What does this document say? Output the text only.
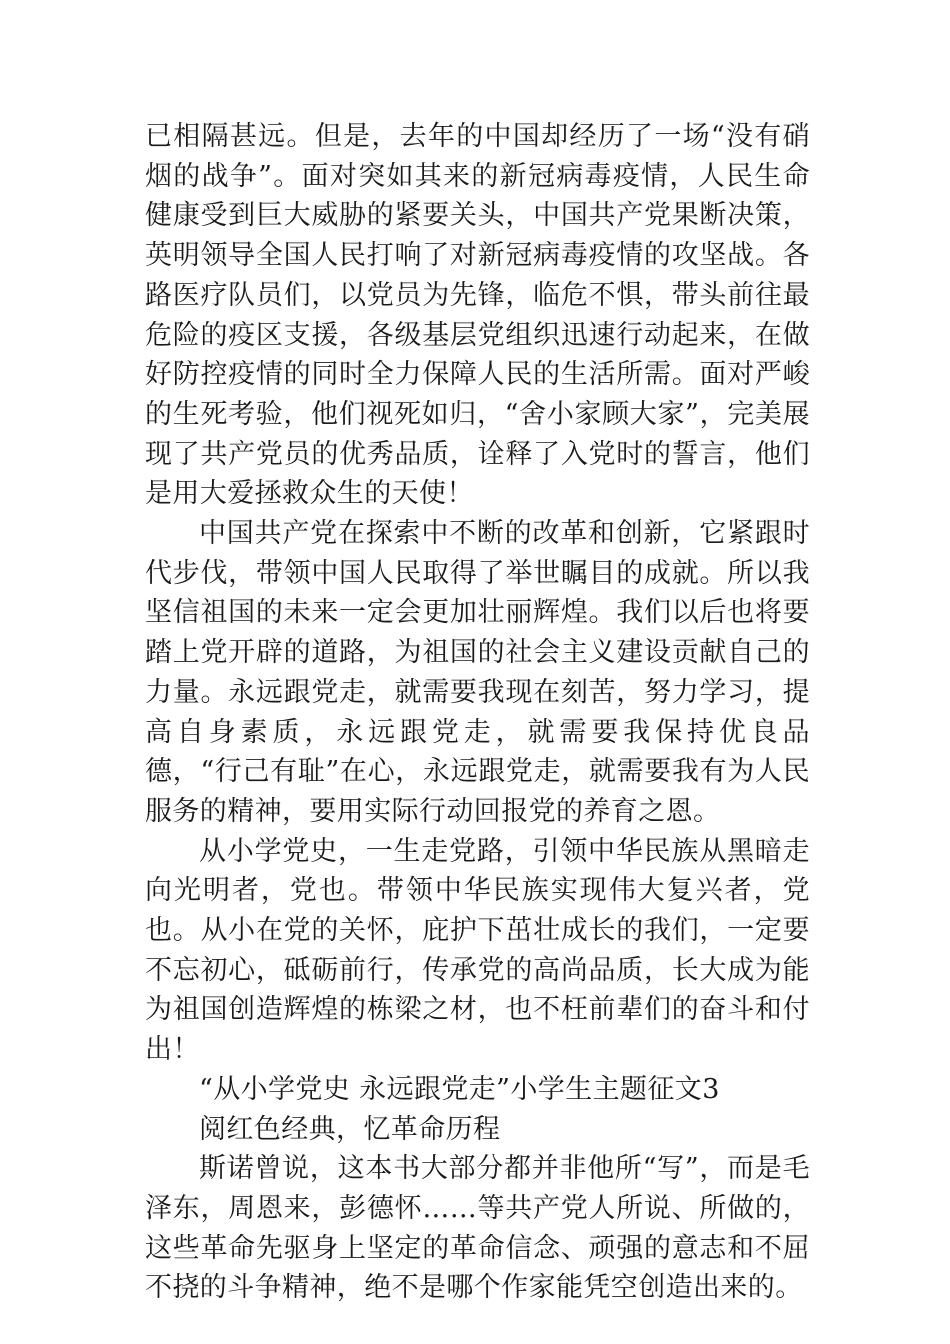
已相隔甚远。但是，去年的中国却经历了一场“没有硝烟的战争”。面对突如其来的新冠病毒疫情，人民生命健康受到巨大威胁的紧要关头，中国共产党果断决策，英明领导全国人民打响了对新冠病毒疫情的攻坚战。各路医疗队员们，以党员为先锋，临危不惧，带头前往最危险的疫区支援，各级基层党组织迅速行动起来，在做好防控疫情的同时全力保障人民的生活所需。面对严峻的生死考验，他们视死如归，“舍小家顾大家”，完美展现了共产党员的优秀品质，诠释了入党时的誓言，他们是用大爱拯救众生的天使！

中国共产党在探索中不断的改革和创新，它紧跟时代步伐，带领中国人民取得了举世瞩目的成就。所以我坚信祖国的未来一定会更加壮丽辉煌。我们以后也将要踏上党开辟的道路，为祖国的社会主义建设贡献自己的力量。永远跟党走，就需要我现在刻苦，努力学习，提高自身素质，永远跟党走，就需要我保持优良品德，“行己有耻”在心，永远跟党走，就需要我有为人民服务的精神，要用实际行动回报党的养育之恩。

从小学党史，一生走党路，引领中华民族从黑暗走向光明者，党也。带领中华民族实现伟大复兴者，党也。从小在党的关怀，庇护下茁壮成长的我们，一定要不忘初心，砥砺前行，传承党的高尚品质，长大成为能为祖国创造辉煌的栋梁之材，也不枉前辈们的奋斗和付出！

“从小学党史 永远跟党走”小学生主题征文3

阅红色经典，忆革命历程

斯诺曾说，这本书大部分都并非他所“写”，而是毛泽东，周恩来，彭德怀……等共产党人所说、所做的，这些革命先驱身上坚定的革命信念、顽强的意志和不屈不挠的斗争精神，绝不是哪个作家能凭空创造出来的。
